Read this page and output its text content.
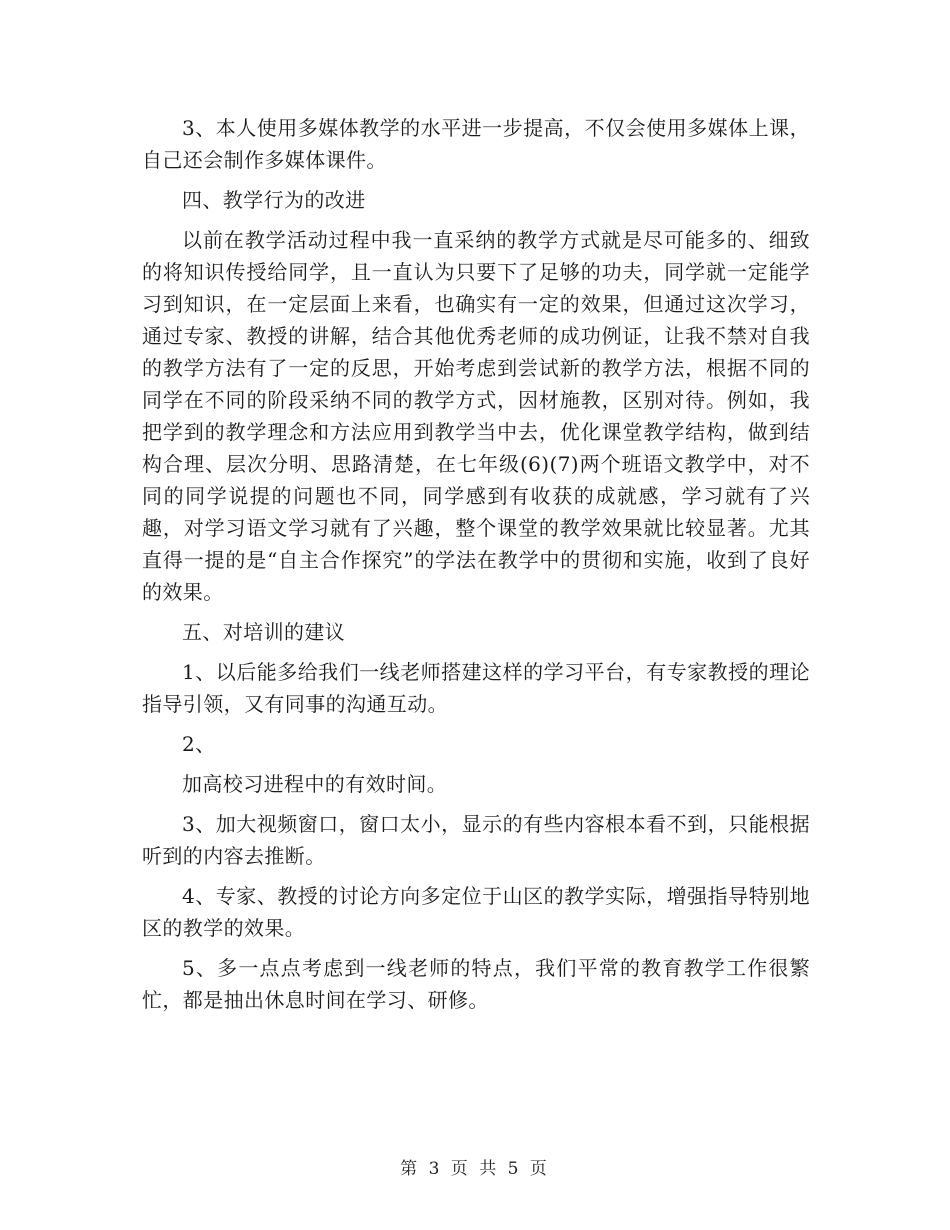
3、本人使用多媒体教学的水平进一步提高，不仅会使用多媒体上课，自己还会制作多媒体课件。

四、教学行为的改进

以前在教学活动过程中我一直采纳的教学方式就是尽可能多的、细致的将知识传授给同学，且一直认为只要下了足够的功夫，同学就一定能学习到知识，在一定层面上来看，也确实有一定的效果，但通过这次学习，通过专家、教授的讲解，结合其他优秀老师的成功例证，让我不禁对自我的教学方法有了一定的反思，开始考虑到尝试新的教学方法，根据不同的同学在不同的阶段采纳不同的教学方式，因材施教，区别对待。例如，我把学到的教学理念和方法应用到教学当中去，优化课堂教学结构，做到结构合理、层次分明、思路清楚，在七年级(6)(7)两个班语文教学中，对不同的同学说提的问题也不同，同学感到有收获的成就感，学习就有了兴趣，对学习语文学习就有了兴趣，整个课堂的教学效果就比较显著。尤其直得一提的是“自主合作探究”的学法在教学中的贯彻和实施，收到了良好的效果。

五、对培训的建议

1、以后能多给我们一线老师搭建这样的学习平台，有专家教授的理论指导引领，又有同事的沟通互动。

2、

加高校习进程中的有效时间。

3、加大视频窗口，窗口太小，显示的有些内容根本看不到，只能根据听到的内容去推断。

4、专家、教授的讨论方向多定位于山区的教学实际，增强指导特别地区的教学的效果。

5、多一点点考虑到一线老师的特点，我们平常的教育教学工作很繁忙，都是抽出休息时间在学习、研修。

第 3 页 共 5 页
